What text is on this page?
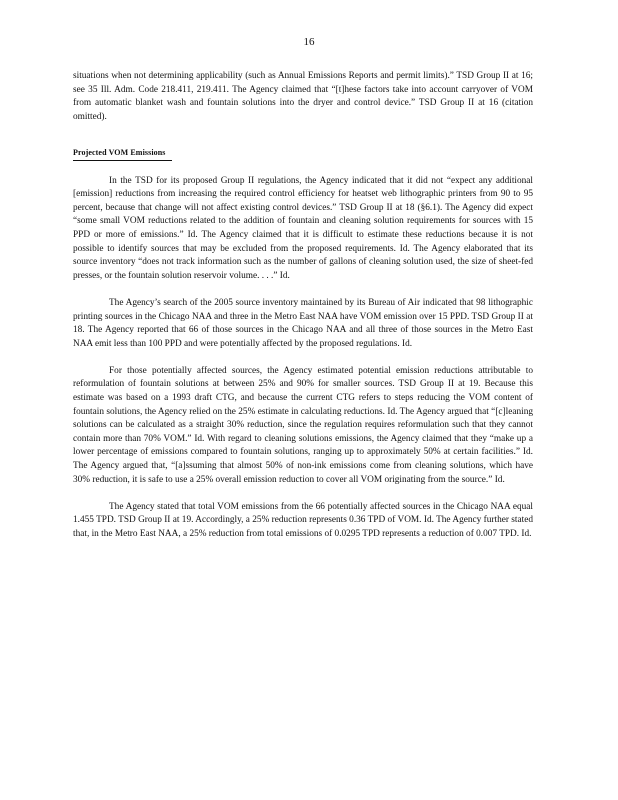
16

situations when not determining applicability (such as Annual Emissions Reports and permit limits).” TSD Group II at 16; see 35 Ill. Adm. Code 218.411, 219.411. The Agency claimed that “[t]hese factors take into account carryover of VOM from automatic blanket wash and fountain solutions into the dryer and control device.” TSD Group II at 16 (citation omitted).

Projected VOM Emissions

In the TSD for its proposed Group II regulations, the Agency indicated that it did not “expect any additional [emission] reductions from increasing the required control efficiency for heatset web lithographic printers from 90 to 95 percent, because that change will not affect existing control devices.” TSD Group II at 18 (§6.1). The Agency did expect “some small VOM reductions related to the addition of fountain and cleaning solution requirements for sources with 15 PPD or more of emissions.” Id. The Agency claimed that it is difficult to estimate these reductions because it is not possible to identify sources that may be excluded from the proposed requirements. Id. The Agency elaborated that its source inventory “does not track information such as the number of gallons of cleaning solution used, the size of sheet-fed presses, or the fountain solution reservoir volume. . . .” Id.

The Agency’s search of the 2005 source inventory maintained by its Bureau of Air indicated that 98 lithographic printing sources in the Chicago NAA and three in the Metro East NAA have VOM emission over 15 PPD. TSD Group II at 18. The Agency reported that 66 of those sources in the Chicago NAA and all three of those sources in the Metro East NAA emit less than 100 PPD and were potentially affected by the proposed regulations. Id.

For those potentially affected sources, the Agency estimated potential emission reductions attributable to reformulation of fountain solutions at between 25% and 90% for smaller sources. TSD Group II at 19. Because this estimate was based on a 1993 draft CTG, and because the current CTG refers to steps reducing the VOM content of fountain solutions, the Agency relied on the 25% estimate in calculating reductions. Id. The Agency argued that “[c]leaning solutions can be calculated as a straight 30% reduction, since the regulation requires reformulation such that they cannot contain more than 70% VOM.” Id. With regard to cleaning solutions emissions, the Agency claimed that they “make up a lower percentage of emissions compared to fountain solutions, ranging up to approximately 50% at certain facilities.” Id. The Agency argued that, “[a]ssuming that almost 50% of non-ink emissions come from cleaning solutions, which have 30% reduction, it is safe to use a 25% overall emission reduction to cover all VOM originating from the source.” Id.

The Agency stated that total VOM emissions from the 66 potentially affected sources in the Chicago NAA equal 1.455 TPD. TSD Group II at 19. Accordingly, a 25% reduction represents 0.36 TPD of VOM. Id. The Agency further stated that, in the Metro East NAA, a 25% reduction from total emissions of 0.0295 TPD represents a reduction of 0.007 TPD. Id.
